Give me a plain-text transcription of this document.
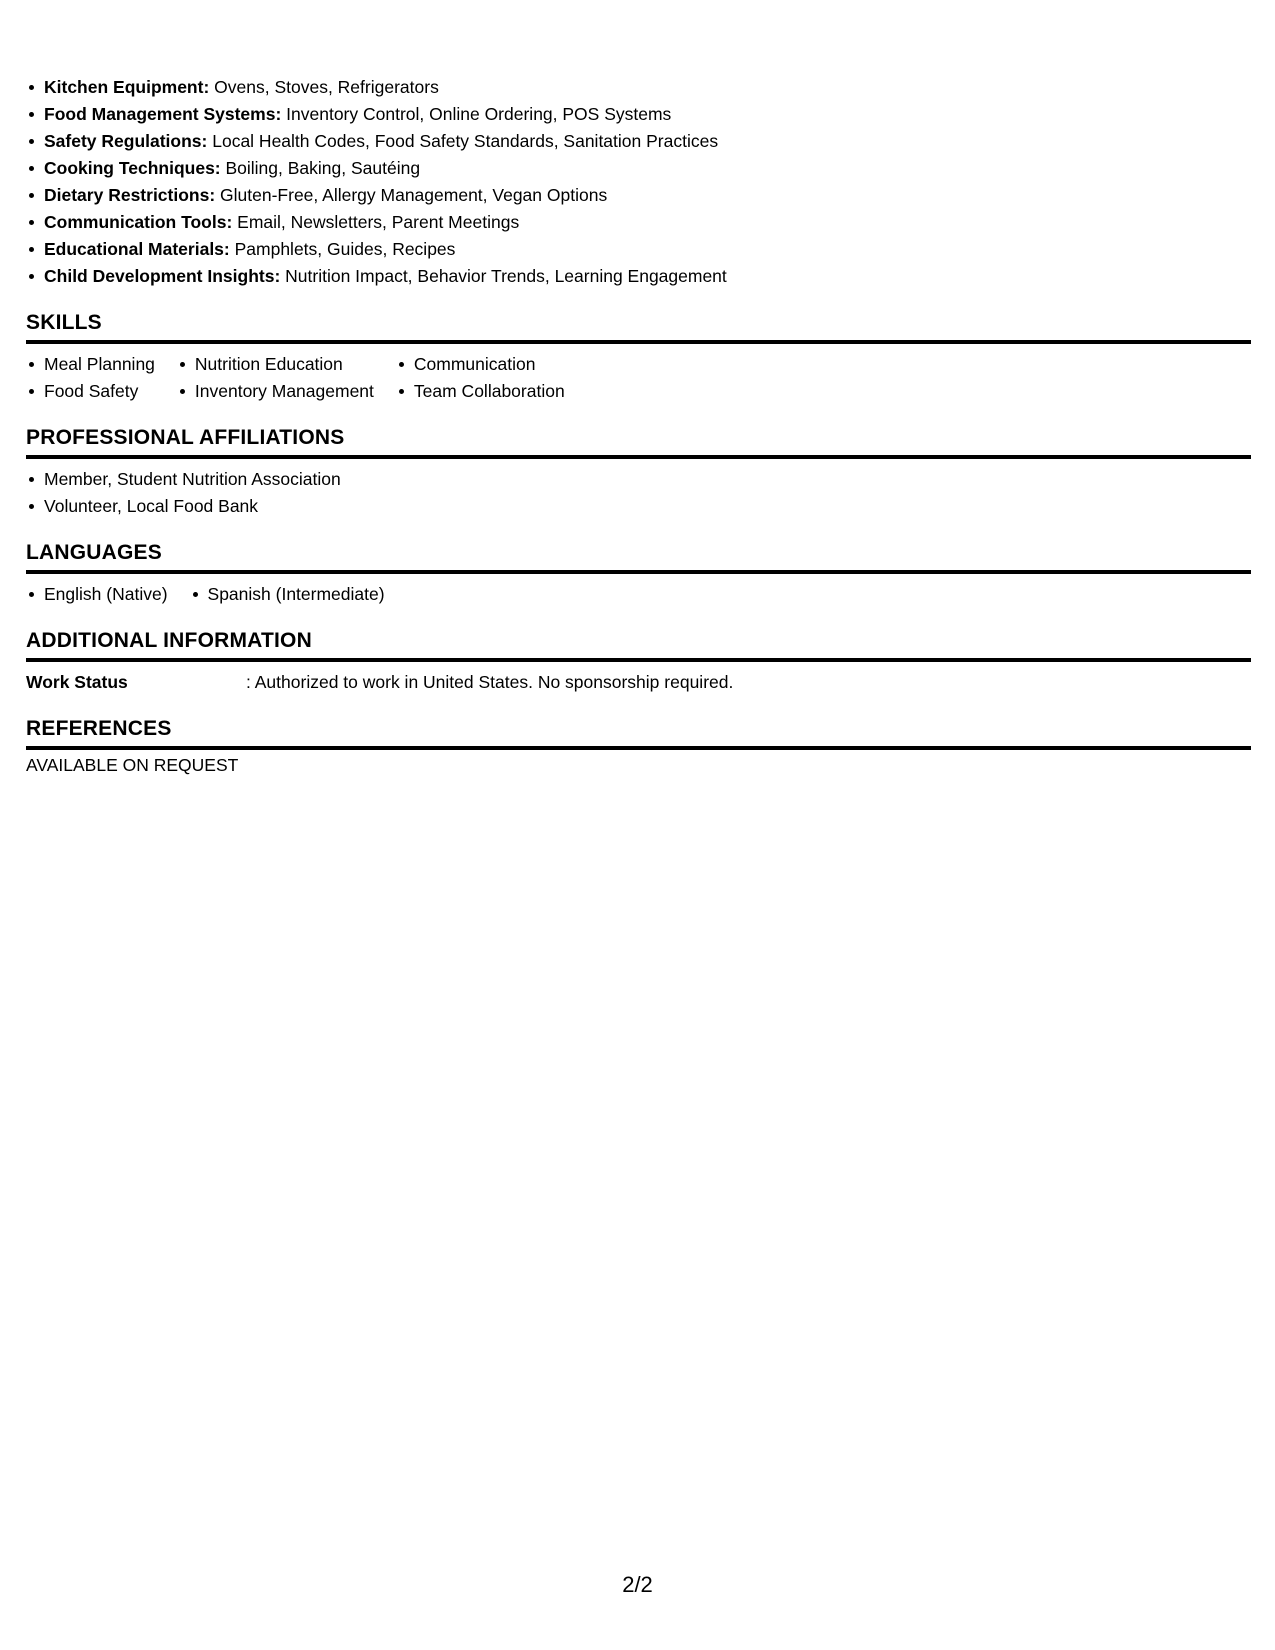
Kitchen Equipment: Ovens, Stoves, Refrigerators
Food Management Systems: Inventory Control, Online Ordering, POS Systems
Safety Regulations: Local Health Codes, Food Safety Standards, Sanitation Practices
Cooking Techniques: Boiling, Baking, Sautéing
Dietary Restrictions: Gluten-Free, Allergy Management, Vegan Options
Communication Tools: Email, Newsletters, Parent Meetings
Educational Materials: Pamphlets, Guides, Recipes
Child Development Insights: Nutrition Impact, Behavior Trends, Learning Engagement
SKILLS
Meal Planning
Food Safety
Nutrition Education
Inventory Management
Communication
Team Collaboration
PROFESSIONAL AFFILIATIONS
Member, Student Nutrition Association
Volunteer, Local Food Bank
LANGUAGES
English (Native)	Spanish (Intermediate)
ADDITIONAL INFORMATION
Work Status	: Authorized to work in United States. No sponsorship required.
REFERENCES
AVAILABLE ON REQUEST
2/2
